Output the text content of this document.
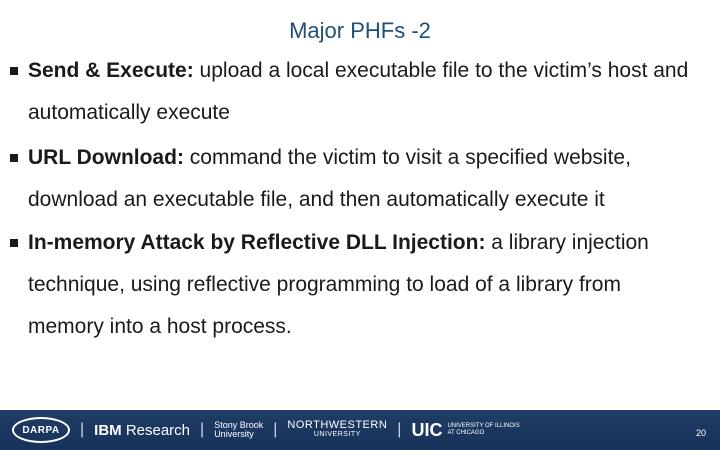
Major PHFs -2
Send & Execute: upload a local executable file to the victim’s host and automatically execute
URL Download: command the victim to visit a specified website, download an executable file, and then automatically execute it
In-memory Attack by Reflective DLL Injection: a library injection technique, using reflective programming to load of a library from memory into a host process.
DARPA	| IBM Research | Stony Brook
University	| NORTHWESTERN
UNIVERSITY	| UIC UNIVERSITY OF ILLINOIS
AT CHICAGO	20
